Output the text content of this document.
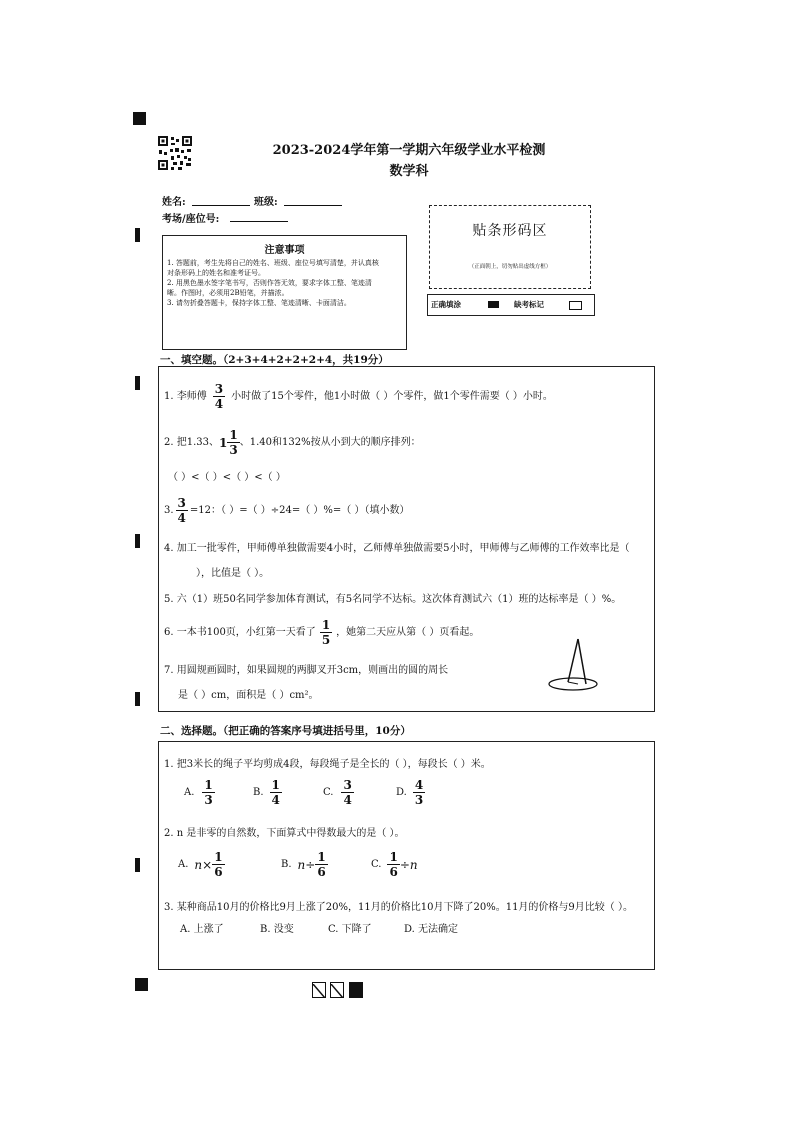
2023-2024学年第一学期六年级学业水平检测
数学科
姓名:	班级:
考场/座位号:
注意事项
1. 答题前，考生先将自己的姓名、班级、座位号填写清楚，并认真核
对条形码上的姓名和准考证号。
2. 用黑色墨水签字笔书写，否则作答无效，要求字体工整、笔迹清
晰。作图时，必须用2B铅笔，并描浓。
3. 请勿折叠答题卡，保持字体工整、笔迹清晰、卡面清洁。
贴条形码区
（正面朝上，切勿贴出虚线方框）
正确填涂	缺考标记
一、填空题。（2+3+4+2+2+2+4，共19分）
1. 李师傅 $\frac{3}{4}$ 小时做了15个零件，他1小时做（ ）个零件，做1个零件需要（ ）小时。
2. 把1.33、 $1 \frac{1}{3}$ 、1.40和132%按从小到大的顺序排列：
（ ）<（ ）<（ ）<（ ）
3. $\frac{3}{4} =12$：（ ）=（ ）÷24=（ ）%=（ ）（填小数）
4. 加工一批零件，甲师傅单独做需要4小时，乙师傅单独做需要5小时，甲师傅与乙师傅的工作效率比是（
），比值是（ ）。
5. 六（1）班50名同学参加体育测试，有5名同学不达标。这次体育测试六（1）班的达标率是（ ）%。
6. 一本书100页，小红第一天看了 $\frac{1}{5}$ ，她第二天应从第（ ）页看起。
7. 用圆规画圆时，如果圆规的两脚叉开3cm，则画出的圆的周长
是（ ）cm，面积是（ ）cm²。
二、选择题。（把正确的答案序号填进括号里，10分）
1. 把3米长的绳子平均剪成4段，每段绳子是全长的（ ），每段长（ ）米。
A. $\frac{1}{3}$	B. $\frac{1}{4}$	C. $\frac{3}{4}$	D. $\frac{4}{3}$
2. n 是非零的自然数，下面算式中得数最大的是（ ）。
A. $n\times \frac{1}{6}$	B. $n\div \frac{1}{6}$	C. $\frac{1}{6} \div n$
3. 某种商品10月的价格比9月上涨了20%，11月的价格比10月下降了20%。11月的价格与9月比较（ ）。
A. 上涨了	B. 没变	C. 下降了	D. 无法确定
